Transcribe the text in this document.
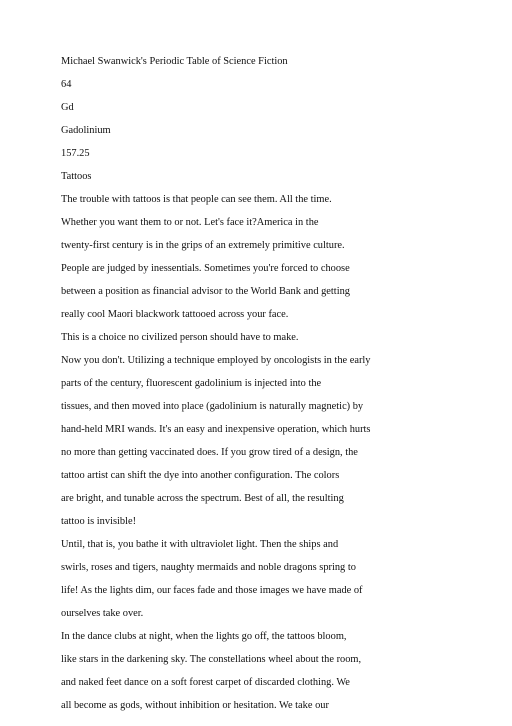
Michael Swanwick's Periodic Table of Science Fiction
64
Gd
Gadolinium
157.25
Tattoos
The trouble with tattoos is that people can see them. All the time.
Whether you want them to or not. Let's face it?America in the
twenty-first century is in the grips of an extremely primitive culture.
People are judged by inessentials. Sometimes you're forced to choose
between a position as financial advisor to the World Bank and getting
really cool Maori blackwork tattooed across your face.
This is a choice no civilized person should have to make.
Now you don't. Utilizing a technique employed by oncologists in the early
parts of the century, fluorescent gadolinium is injected into the
tissues, and then moved into place (gadolinium is naturally magnetic) by
hand-held MRI wands. It's an easy and inexpensive operation, which hurts
no more than getting vaccinated does. If you grow tired of a design, the
tattoo artist can shift the dye into another configuration. The colors
are bright, and tunable across the spectrum. Best of all, the resulting
tattoo is invisible!
Until, that is, you bathe it with ultraviolet light. Then the ships and
swirls, roses and tigers, naughty mermaids and noble dragons spring to
life! As the lights dim, our faces fade and those images we have made of
ourselves take over.
In the dance clubs at night, when the lights go off, the tattoos bloom,
like stars in the darkening sky. The constellations wheel about the room,
and naked feet dance on a soft forest carpet of discarded clothing. We
all become as gods, without inhibition or hesitation. We take our
